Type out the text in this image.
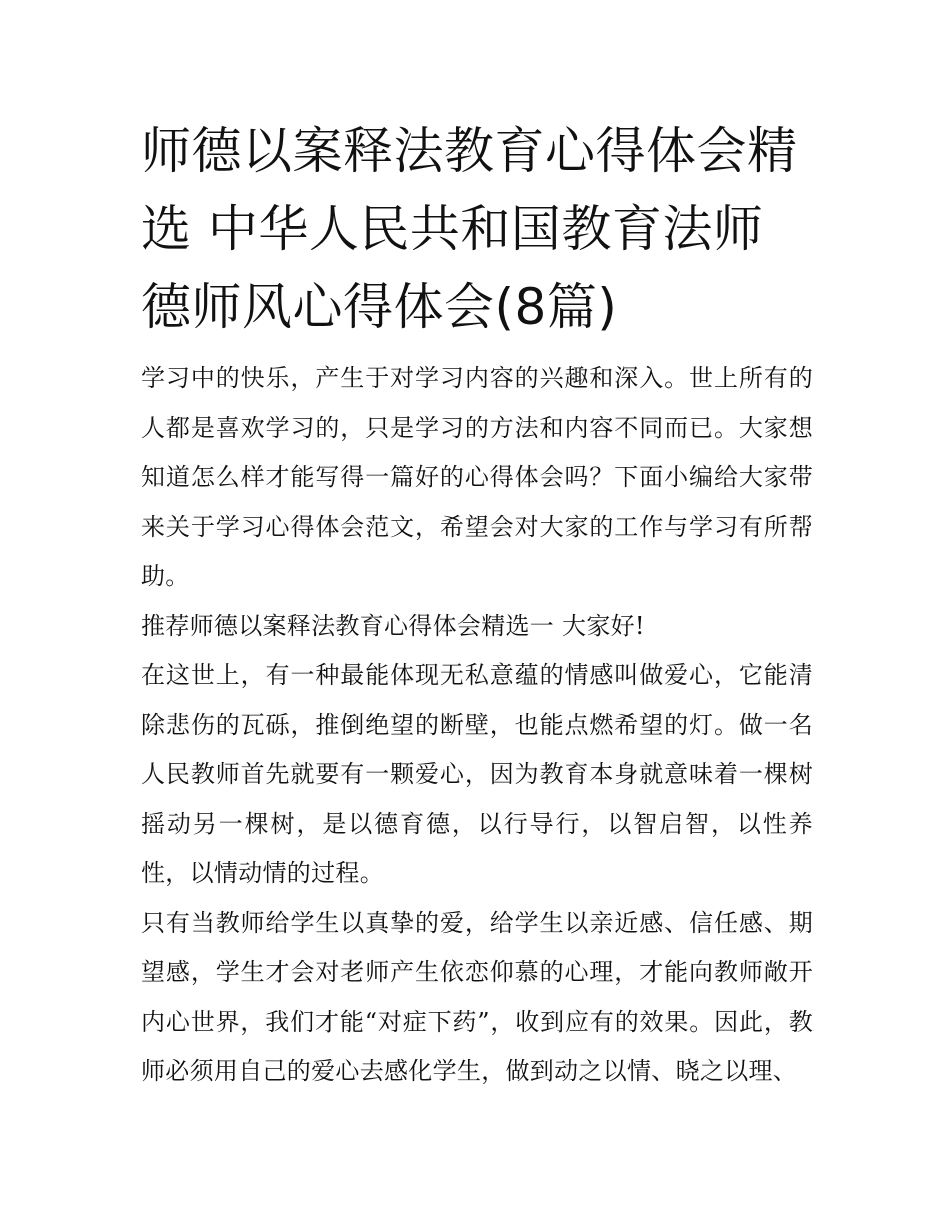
师德以案释法教育心得体会精选 中华人民共和国教育法师德师风心得体会(8篇)

学习中的快乐，产生于对学习内容的兴趣和深入。世上所有的人都是喜欢学习的，只是学习的方法和内容不同而已。大家想知道怎么样才能写得一篇好的心得体会吗？下面小编给大家带来关于学习心得体会范文，希望会对大家的工作与学习有所帮助。

推荐师德以案释法教育心得体会精选一 大家好!

在这世上，有一种最能体现无私意蕴的情感叫做爱心，它能清除悲伤的瓦砾，推倒绝望的断壁，也能点燃希望的灯。做一名人民教师首先就要有一颗爱心，因为教育本身就意味着一棵树摇动另一棵树，是以德育德，以行导行，以智启智，以性养性，以情动情的过程。

只有当教师给学生以真挚的爱，给学生以亲近感、信任感、期望感，学生才会对老师产生依恋仰慕的心理，才能向教师敞开内心世界，我们才能“对症下药”，收到应有的效果。因此，教师必须用自己的爱心去感化学生，做到动之以情、晓之以理、
